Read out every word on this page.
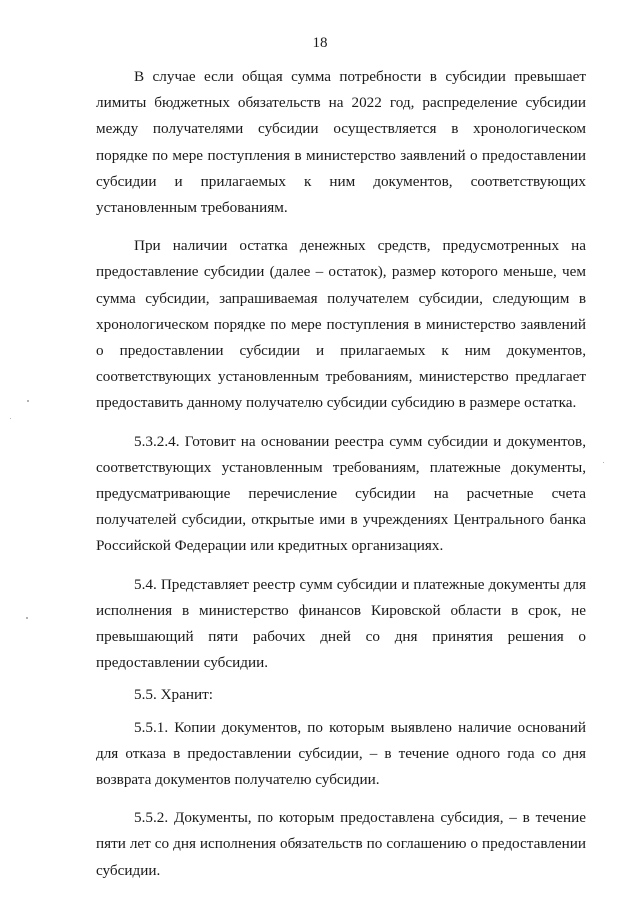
18

В случае если общая сумма потребности в субсидии превышает лимиты бюджетных обязательств на 2022 год, распределение субсидии между получателями субсидии осуществляется в хронологическом порядке по мере поступления в министерство заявлений о предоставлении субсидии и прилагаемых к ним документов, соответствующих установленным требованиям.

При наличии остатка денежных средств, предусмотренных на предоставление субсидии (далее – остаток), размер которого меньше, чем сумма субсидии, запрашиваемая получателем субсидии, следующим в хронологическом порядке по мере поступления в министерство заявлений о предоставлении субсидии и прилагаемых к ним документов, соответствующих установленным требованиям, министерство предлагает предоставить данному получателю субсидии субсидию в размере остатка.

5.3.2.4. Готовит на основании реестра сумм субсидии и документов, соответствующих установленным требованиям, платежные документы, предусматривающие перечисление субсидии на расчетные счета получателей субсидии, открытые ими в учреждениях Центрального банка Российской Федерации или кредитных организациях.

5.4. Представляет реестр сумм субсидии и платежные документы для исполнения в министерство финансов Кировской области в срок, не превышающий пяти рабочих дней со дня принятия решения о предоставлении субсидии.

5.5. Хранит:

5.5.1. Копии документов, по которым выявлено наличие оснований для отказа в предоставлении субсидии, – в течение одного года со дня возврата документов получателю субсидии.

5.5.2. Документы, по которым предоставлена субсидия, – в течение пяти лет со дня исполнения обязательств по соглашению о предоставлении субсидии.
